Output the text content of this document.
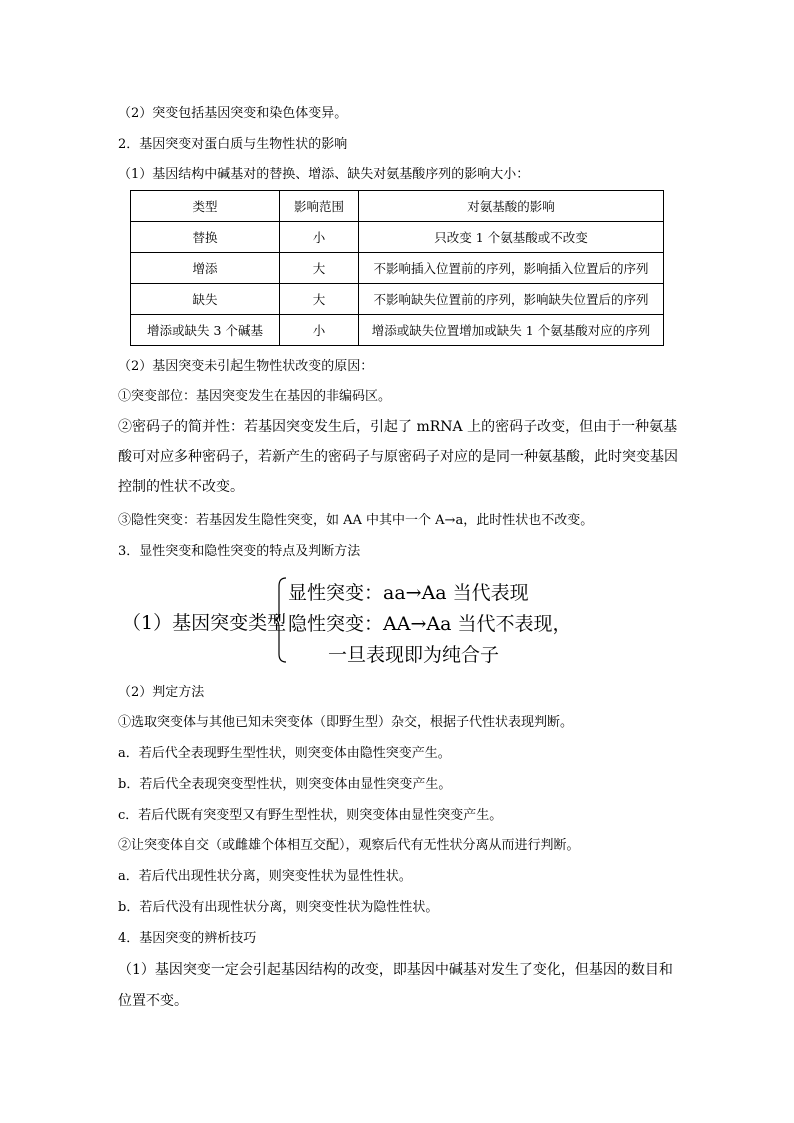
（2）突变包括基因突变和染色体变异。
2．基因突变对蛋白质与生物性状的影响
（1）基因结构中碱基对的替换、增添、缺失对氨基酸序列的影响大小：
类型	影响范围	对氨基酸的影响
替换	小	只改变 1 个氨基酸或不改变
增添	大	不影响插入位置前的序列，影响插入位置后的序列
缺失	大	不影响缺失位置前的序列，影响缺失位置后的序列
增添或缺失 3 个碱基	小	增添或缺失位置增加或缺失 1 个氨基酸对应的序列
（2）基因突变未引起生物性状改变的原因：
①突变部位：基因突变发生在基因的非编码区。
②密码子的简并性：若基因突变发生后，引起了 mRNA 上的密码子改变，但由于一种氨基
酸可对应多种密码子，若新产生的密码子与原密码子对应的是同一种氨基酸，此时突变基因
控制的性状不改变。
③隐性突变：若基因发生隐性突变，如 AA 中其中一个 A→a，此时性状也不改变。
3．显性突变和隐性突变的特点及判断方法
（1）基因突变类型
显性突变：aa→Aa 当代表现
隐性突变：AA→Aa 当代不表现，
一旦表现即为纯合子
（2）判定方法
①选取突变体与其他已知未突变体（即野生型）杂交，根据子代性状表现判断。
a．若后代全表现野生型性状，则突变体由隐性突变产生。
b．若后代全表现突变型性状，则突变体由显性突变产生。
c．若后代既有突变型又有野生型性状，则突变体由显性突变产生。
②让突变体自交（或雌雄个体相互交配），观察后代有无性状分离从而进行判断。
a．若后代出现性状分离，则突变性状为显性性状。
b．若后代没有出现性状分离，则突变性状为隐性性状。
4．基因突变的辨析技巧
（1）基因突变一定会引起基因结构的改变，即基因中碱基对发生了变化，但基因的数目和
位置不变。
